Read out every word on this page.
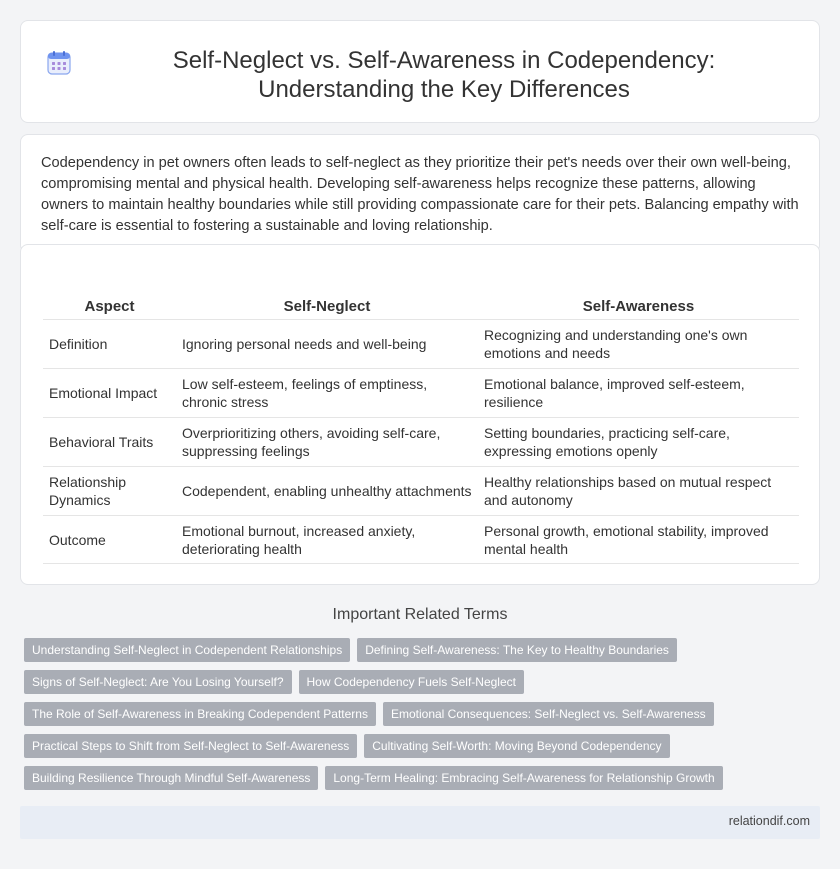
Self-Neglect vs. Self-Awareness in Codependency: Understanding the Key Differences

Codependency in pet owners often leads to self-neglect as they prioritize their pet's needs over their own well-being, compromising mental and physical health. Developing self-awareness helps recognize these patterns, allowing owners to maintain healthy boundaries while still providing compassionate care for their pets. Balancing empathy with self-care is essential to fostering a sustainable and loving relationship.

Aspect	Self-Neglect	Self-Awareness
Definition	Ignoring personal needs and well-being	Recognizing and understanding one's own emotions and needs
Emotional Impact	Low self-esteem, feelings of emptiness, chronic stress	Emotional balance, improved self-esteem, resilience
Behavioral Traits	Overprioritizing others, avoiding self-care, suppressing feelings	Setting boundaries, practicing self-care, expressing emotions openly
Relationship Dynamics	Codependent, enabling unhealthy attachments	Healthy relationships based on mutual respect and autonomy
Outcome	Emotional burnout, increased anxiety, deteriorating health	Personal growth, emotional stability, improved mental health
Important Related Terms
Understanding Self-Neglect in Codependent Relationships	Defining Self-Awareness: The Key to Healthy Boundaries
Signs of Self-Neglect: Are You Losing Yourself?	How Codependency Fuels Self-Neglect
The Role of Self-Awareness in Breaking Codependent Patterns	Emotional Consequences: Self-Neglect vs. Self-Awareness
Practical Steps to Shift from Self-Neglect to Self-Awareness	Cultivating Self-Worth: Moving Beyond Codependency
Building Resilience Through Mindful Self-Awareness	Long-Term Healing: Embracing Self-Awareness for Relationship Growth
relationdif.com
